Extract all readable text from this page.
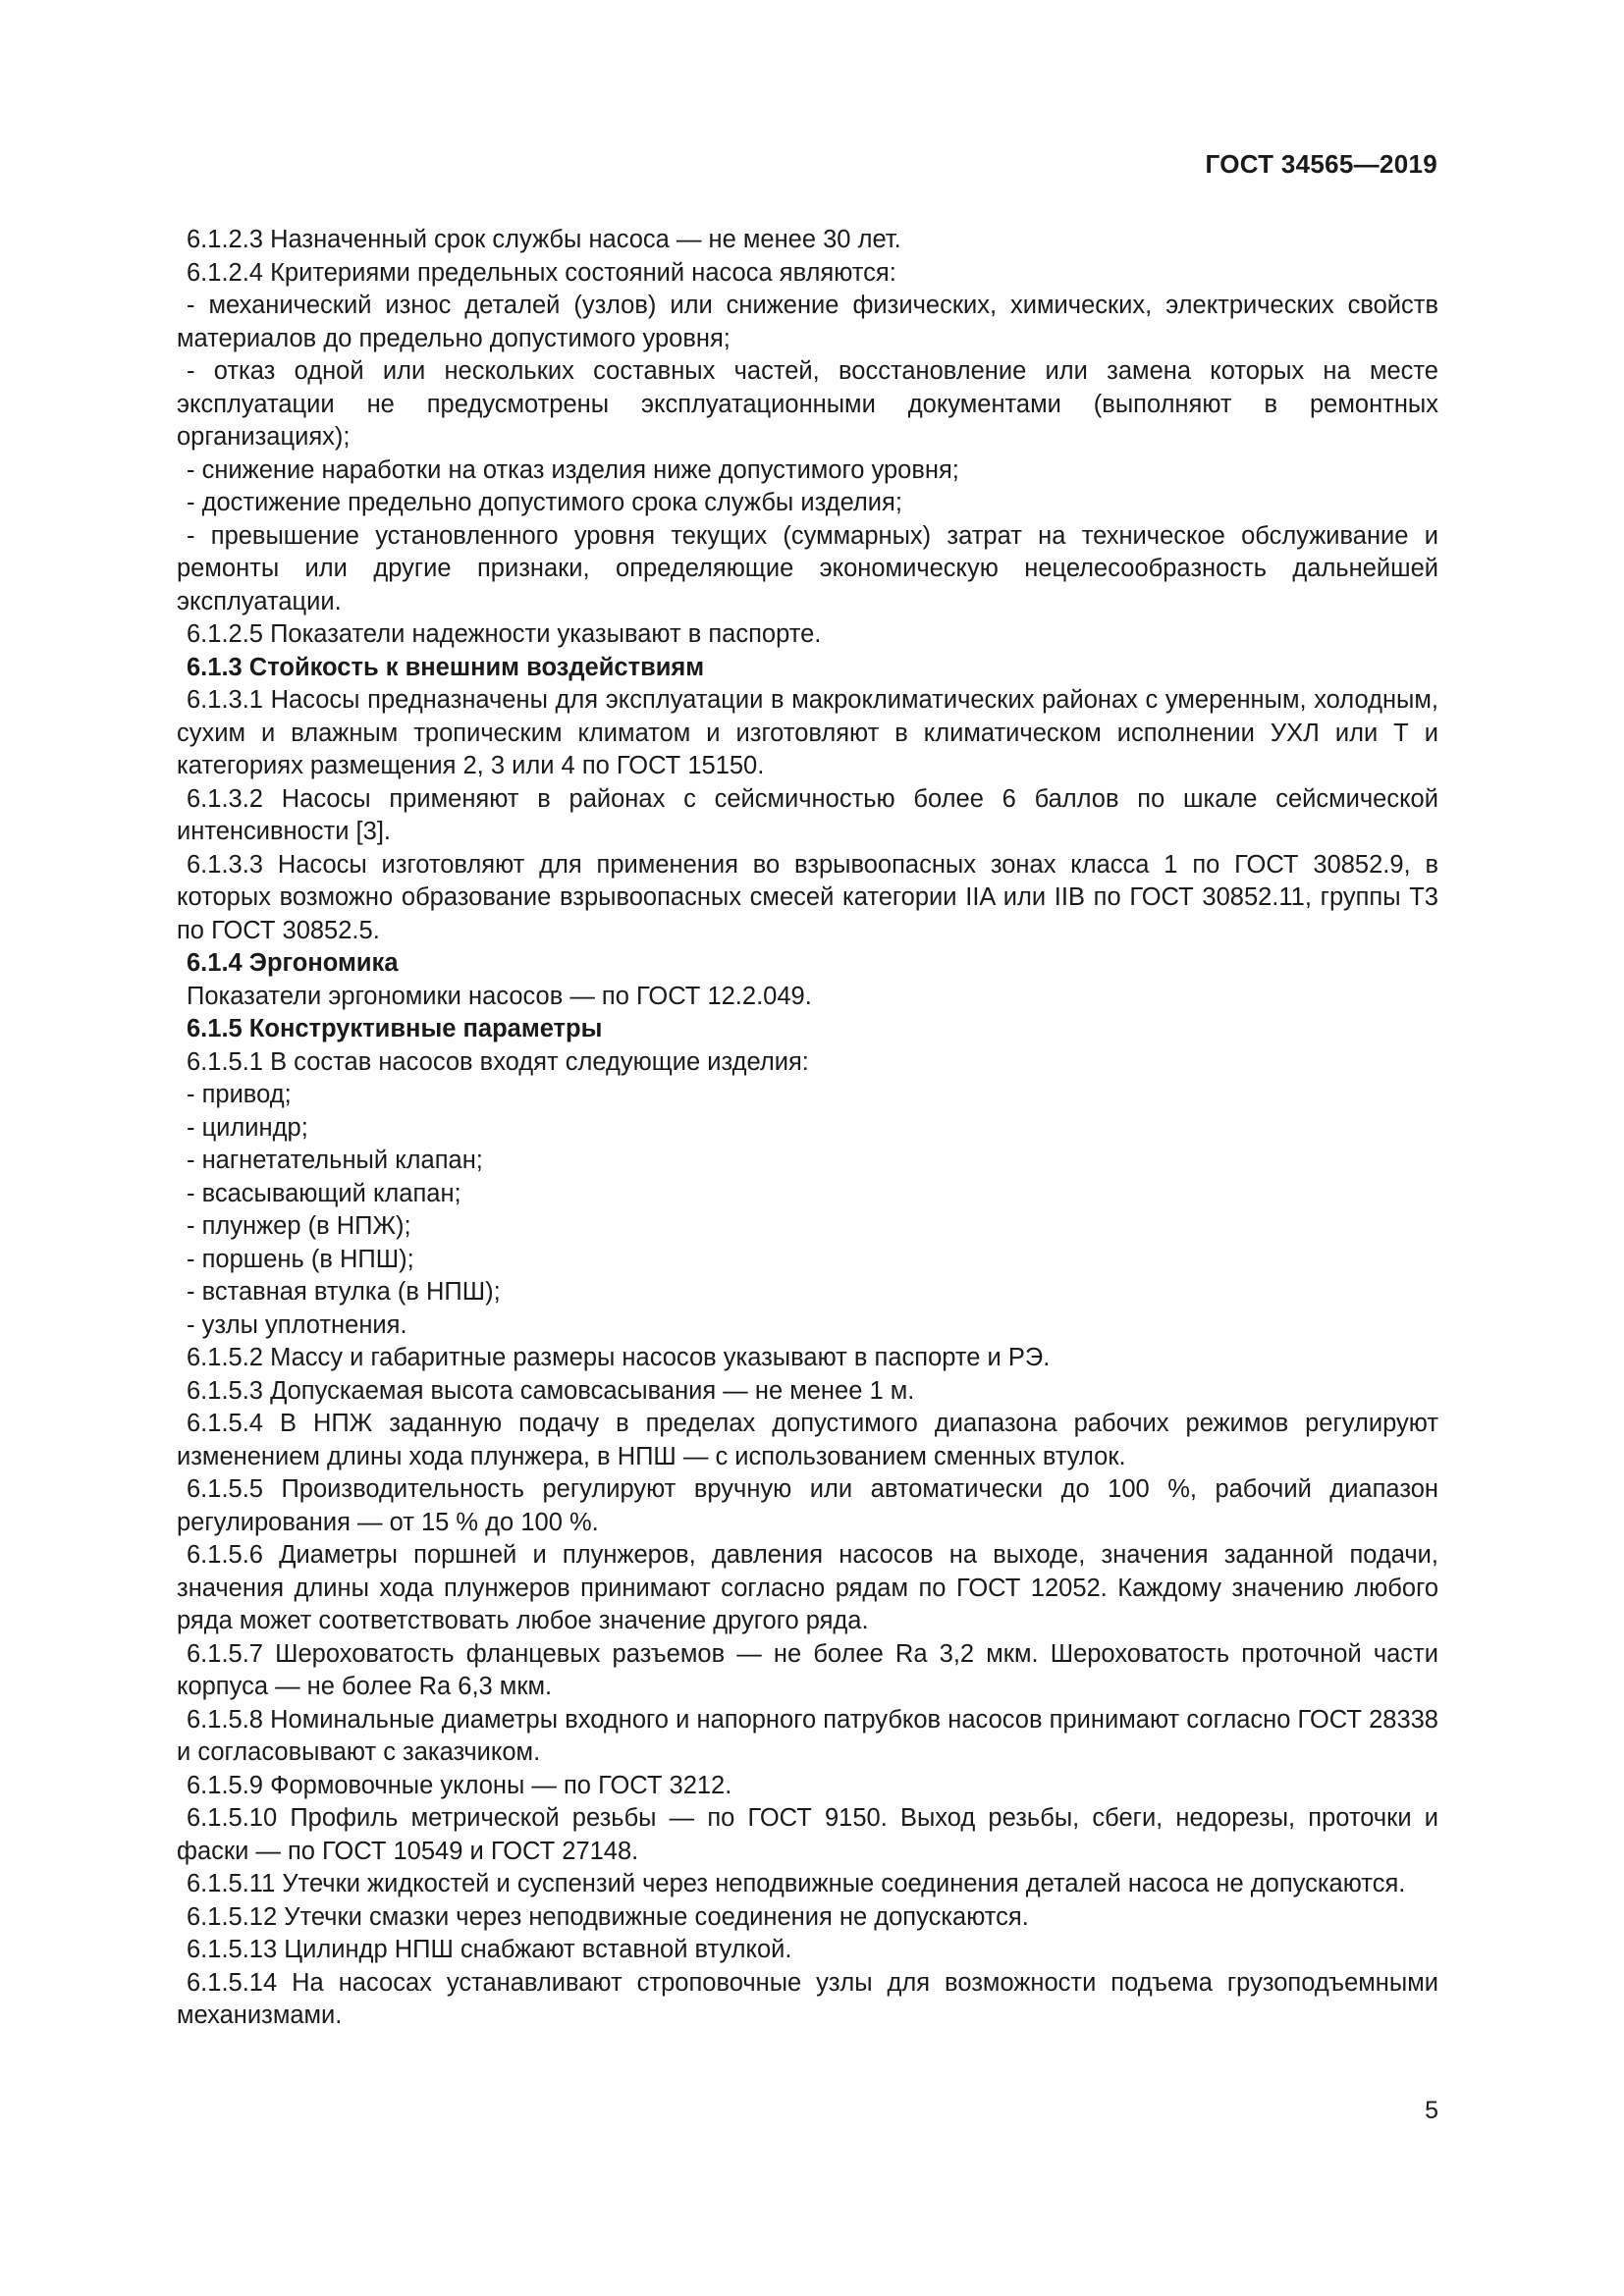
ГОСТ 34565—2019

6.1.2.3 Назначенный срок службы насоса — не менее 30 лет.

6.1.2.4 Критериями предельных состояний насоса являются:

- механический износ деталей (узлов) или снижение физических, химических, электрических свойств материалов до предельно допустимого уровня;

- отказ одной или нескольких составных частей, восстановление или замена которых на месте эксплуатации не предусмотрены эксплуатационными документами (выполняют в ремонтных организациях);

- снижение наработки на отказ изделия ниже допустимого уровня;

- достижение предельно допустимого срока службы изделия;

- превышение установленного уровня текущих (суммарных) затрат на техническое обслуживание и ремонты или другие признаки, определяющие экономическую нецелесообразность дальнейшей эксплуатации.

6.1.2.5 Показатели надежности указывают в паспорте.

6.1.3 Стойкость к внешним воздействиям

6.1.3.1 Насосы предназначены для эксплуатации в макроклиматических районах с умеренным, холодным, сухим и влажным тропическим климатом и изготовляют в климатическом исполнении УХЛ или Т и категориях размещения 2, 3 или 4 по ГОСТ 15150.

6.1.3.2 Насосы применяют в районах с сейсмичностью более 6 баллов по шкале сейсмической интенсивности [3].

6.1.3.3 Насосы изготовляют для применения во взрывоопасных зонах класса 1 по ГОСТ 30852.9, в которых возможно образование взрывоопасных смесей категории IIA или IIB по ГОСТ 30852.11, группы Т3 по ГОСТ 30852.5.

6.1.4 Эргономика

Показатели эргономики насосов — по ГОСТ 12.2.049.

6.1.5 Конструктивные параметры

6.1.5.1 В состав насосов входят следующие изделия:

- привод;

- цилиндр;

- нагнетательный клапан;

- всасывающий клапан;

- плунжер (в НПЖ);

- поршень (в НПШ);

- вставная втулка (в НПШ);

- узлы уплотнения.

6.1.5.2 Массу и габаритные размеры насосов указывают в паспорте и РЭ.

6.1.5.3 Допускаемая высота самовсасывания — не менее 1 м.

6.1.5.4 В НПЖ заданную подачу в пределах допустимого диапазона рабочих режимов регулируют изменением длины хода плунжера, в НПШ — с использованием сменных втулок.

6.1.5.5 Производительность регулируют вручную или автоматически до 100 %, рабочий диапазон регулирования — от 15 % до 100 %.

6.1.5.6 Диаметры поршней и плунжеров, давления насосов на выходе, значения заданной подачи, значения длины хода плунжеров принимают согласно рядам по ГОСТ 12052. Каждому значению любого ряда может соответствовать любое значение другого ряда.

6.1.5.7 Шероховатость фланцевых разъемов — не более Ra 3,2 мкм. Шероховатость проточной части корпуса — не более Ra 6,3 мкм.

6.1.5.8 Номинальные диаметры входного и напорного патрубков насосов принимают согласно ГОСТ 28338 и согласовывают с заказчиком.

6.1.5.9 Формовочные уклоны — по ГОСТ 3212.

6.1.5.10 Профиль метрической резьбы — по ГОСТ 9150. Выход резьбы, сбеги, недорезы, проточки и фаски — по ГОСТ 10549 и ГОСТ 27148.

6.1.5.11 Утечки жидкостей и суспензий через неподвижные соединения деталей насоса не допускаются.

6.1.5.12 Утечки смазки через неподвижные соединения не допускаются.

6.1.5.13 Цилиндр НПШ снабжают вставной втулкой.

6.1.5.14 На насосах устанавливают строповочные узлы для возможности подъема грузоподъемными механизмами.

5
